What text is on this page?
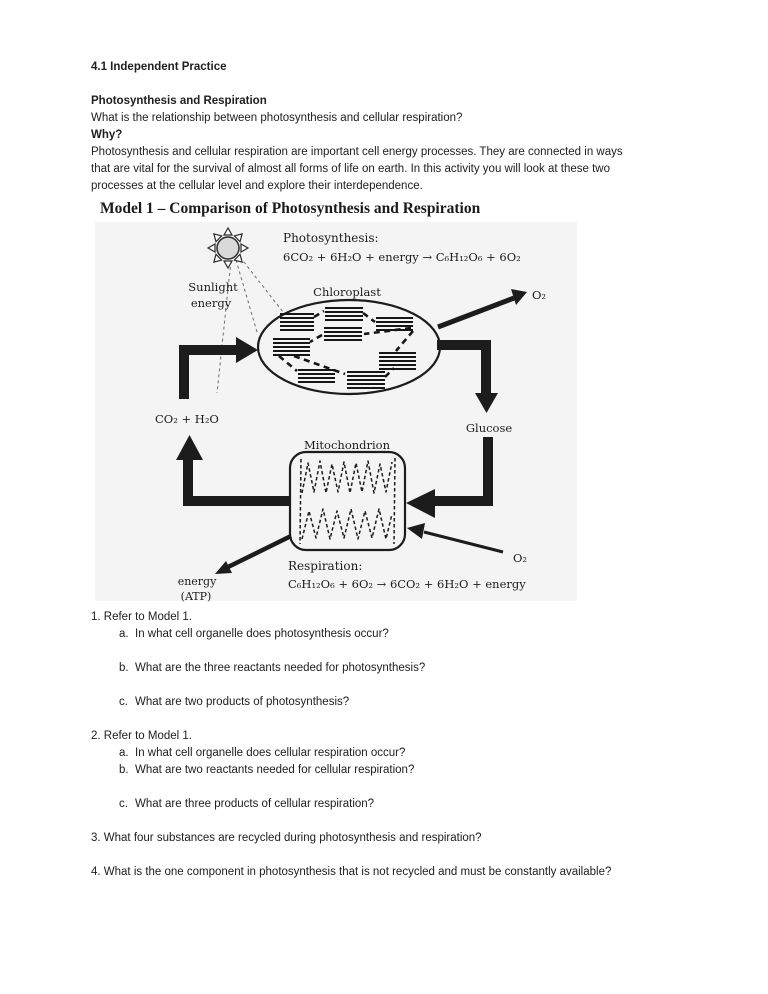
4.1 Independent Practice
Photosynthesis and Respiration
What is the relationship between photosynthesis and cellular respiration?
Why?
Photosynthesis and cellular respiration are important cell energy processes. They are connected in ways
that are vital for the survival of almost all forms of life on earth. In this activity you will look at these two
processes at the cellular level and explore their interdependence.
Model 1 – Comparison of Photosynthesis and Respiration
Photosynthesis:
6CO₂ + 6H₂O + energy → C₆H₁₂O₆ + 6O₂
Sunlight
energy
Chloroplast	O₂
CO₂ + H₂O
Glucose
Mitochondrion
O₂
energy
(ATP)
Respiration:
C₆H₁₂O₆ + 6O₂ → 6CO₂ + 6H₂O + energy
1. Refer to Model 1.
a. In what cell organelle does photosynthesis occur?
b. What are the three reactants needed for photosynthesis?
c. What are two products of photosynthesis?
2. Refer to Model 1.
a. In what cell organelle does cellular respiration occur?
b. What are two reactants needed for cellular respiration?
c. What are three products of cellular respiration?
3. What four substances are recycled during photosynthesis and respiration?
4. What is the one component in photosynthesis that is not recycled and must be constantly available?
